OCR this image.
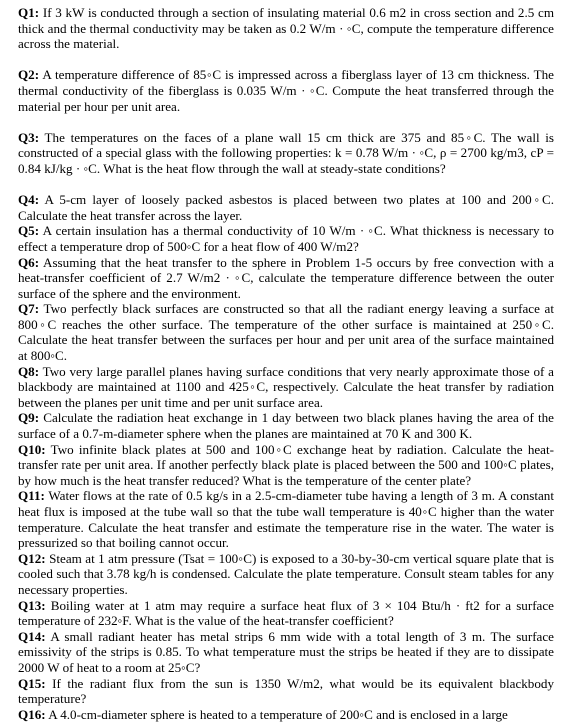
Q1: If 3 kW is conducted through a section of insulating material 0.6 m2 in cross section and 2.5 cm thick and the thermal conductivity may be taken as 0.2 W/m · ◦C, compute the temperature difference across the material.

Q2: A temperature difference of 85◦C is impressed across a fiberglass layer of 13 cm thickness. The thermal conductivity of the fiberglass is 0.035 W/m · ◦C. Compute the heat transferred through the material per hour per unit area.

Q3: The temperatures on the faces of a plane wall 15 cm thick are 375 and 85◦C. The wall is constructed of a special glass with the following properties: k = 0.78 W/m · ◦C, ρ = 2700 kg/m3, cP = 0.84 kJ/kg · ◦C. What is the heat flow through the wall at steady-state conditions?

Q4: A 5-cm layer of loosely packed asbestos is placed between two plates at 100 and 200◦C. Calculate the heat transfer across the layer.

Q5: A certain insulation has a thermal conductivity of 10 W/m · ◦C. What thickness is necessary to effect a temperature drop of 500◦C for a heat flow of 400 W/m2?

Q6: Assuming that the heat transfer to the sphere in Problem 1-5 occurs by free convection with a heat-transfer coefficient of 2.7 W/m2 · ◦C, calculate the temperature difference between the outer surface of the sphere and the environment.

Q7: Two perfectly black surfaces are constructed so that all the radiant energy leaving a surface at 800◦C reaches the other surface. The temperature of the other surface is maintained at 250◦C. Calculate the heat transfer between the surfaces per hour and per unit area of the surface maintained at 800◦C.

Q8: Two very large parallel planes having surface conditions that very nearly approximate those of a blackbody are maintained at 1100 and 425◦C, respectively. Calculate the heat transfer by radiation between the planes per unit time and per unit surface area.

Q9: Calculate the radiation heat exchange in 1 day between two black planes having the area of the surface of a 0.7-m-diameter sphere when the planes are maintained at 70 K and 300 K.

Q10: Two infinite black plates at 500 and 100◦C exchange heat by radiation. Calculate the heat-transfer rate per unit area. If another perfectly black plate is placed between the 500 and 100◦C plates, by how much is the heat transfer reduced? What is the temperature of the center plate?

Q11: Water flows at the rate of 0.5 kg/s in a 2.5-cm-diameter tube having a length of 3 m. A constant heat flux is imposed at the tube wall so that the tube wall temperature is 40◦C higher than the water temperature. Calculate the heat transfer and estimate the temperature rise in the water. The water is pressurized so that boiling cannot occur.

Q12: Steam at 1 atm pressure (Tsat = 100◦C) is exposed to a 30-by-30-cm vertical square plate that is cooled such that 3.78 kg/h is condensed. Calculate the plate temperature. Consult steam tables for any necessary properties.

Q13: Boiling water at 1 atm may require a surface heat flux of 3 × 104 Btu/h · ft2 for a surface temperature of 232◦F. What is the value of the heat-transfer coefficient?

Q14: A small radiant heater has metal strips 6 mm wide with a total length of 3 m. The surface emissivity of the strips is 0.85. To what temperature must the strips be heated if they are to dissipate 2000 W of heat to a room at 25◦C?

Q15: If the radiant flux from the sun is 1350 W/m2, what would be its equivalent blackbody temperature?

Q16: A 4.0-cm-diameter sphere is heated to a temperature of 200◦C and is enclosed in a large
